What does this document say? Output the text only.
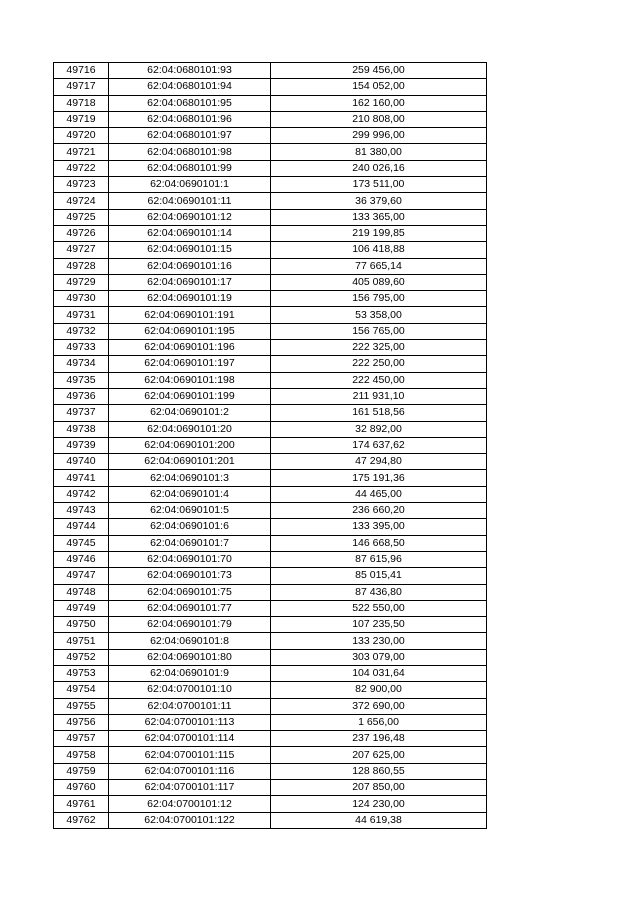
49716	62:04:0680101:93	259 456,00
49717	62:04:0680101:94	154 052,00
49718	62:04:0680101:95	162 160,00
49719	62:04:0680101:96	210 808,00
49720	62:04:0680101:97	299 996,00
49721	62:04:0680101:98	81 380,00
49722	62:04:0680101:99	240 026,16
49723	62:04:0690101:1	173 511,00
49724	62:04:0690101:11	36 379,60
49725	62:04:0690101:12	133 365,00
49726	62:04:0690101:14	219 199,85
49727	62:04:0690101:15	106 418,88
49728	62:04:0690101:16	77 665,14
49729	62:04:0690101:17	405 089,60
49730	62:04:0690101:19	156 795,00
49731	62:04:0690101:191	53 358,00
49732	62:04:0690101:195	156 765,00
49733	62:04:0690101:196	222 325,00
49734	62:04:0690101:197	222 250,00
49735	62:04:0690101:198	222 450,00
49736	62:04:0690101:199	211 931,10
49737	62:04:0690101:2	161 518,56
49738	62:04:0690101:20	32 892,00
49739	62:04:0690101:200	174 637,62
49740	62:04:0690101:201	47 294,80
49741	62:04:0690101:3	175 191,36
49742	62:04:0690101:4	44 465,00
49743	62:04:0690101:5	236 660,20
49744	62:04:0690101:6	133 395,00
49745	62:04:0690101:7	146 668,50
49746	62:04:0690101:70	87 615,96
49747	62:04:0690101:73	85 015,41
49748	62:04:0690101:75	87 436,80
49749	62:04:0690101:77	522 550,00
49750	62:04:0690101:79	107 235,50
49751	62:04:0690101:8	133 230,00
49752	62:04:0690101:80	303 079,00
49753	62:04:0690101:9	104 031,64
49754	62:04:0700101:10	82 900,00
49755	62:04:0700101:11	372 690,00
49756	62:04:0700101:113	1 656,00
49757	62:04:0700101:114	237 196,48
49758	62:04:0700101:115	207 625,00
49759	62:04:0700101:116	128 860,55
49760	62:04:0700101:117	207 850,00
49761	62:04:0700101:12	124 230,00
49762	62:04:0700101:122	44 619,38
